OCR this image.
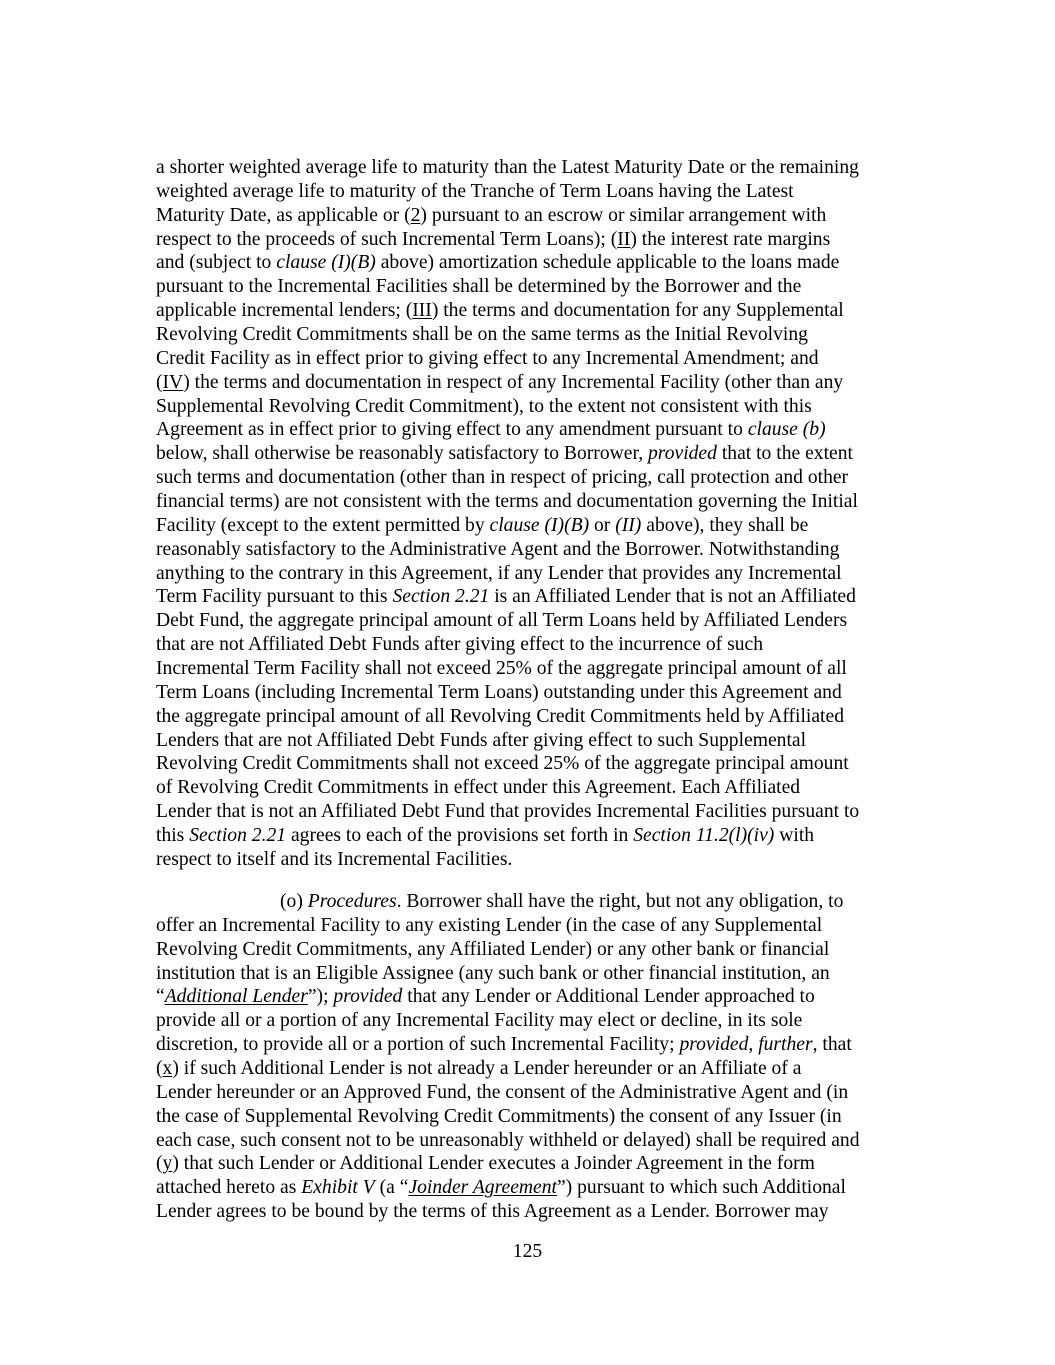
a shorter weighted average life to maturity than the Latest Maturity Date or the remaining
weighted average life to maturity of the Tranche of Term Loans having the Latest
Maturity Date, as applicable or (2) pursuant to an escrow or similar arrangement with
respect to the proceeds of such Incremental Term Loans); (II) the interest rate margins
and (subject to clause (I)(B) above) amortization schedule applicable to the loans made
pursuant to the Incremental Facilities shall be determined by the Borrower and the
applicable incremental lenders; (III) the terms and documentation for any Supplemental
Revolving Credit Commitments shall be on the same terms as the Initial Revolving
Credit Facility as in effect prior to giving effect to any Incremental Amendment; and
(IV) the terms and documentation in respect of any Incremental Facility (other than any
Supplemental Revolving Credit Commitment), to the extent not consistent with this
Agreement as in effect prior to giving effect to any amendment pursuant to clause (b)
below, shall otherwise be reasonably satisfactory to Borrower, provided that to the extent
such terms and documentation (other than in respect of pricing, call protection and other
financial terms) are not consistent with the terms and documentation governing the Initial
Facility (except to the extent permitted by clause (I)(B) or (II) above), they shall be
reasonably satisfactory to the Administrative Agent and the Borrower. Notwithstanding
anything to the contrary in this Agreement, if any Lender that provides any Incremental
Term Facility pursuant to this Section 2.21 is an Affiliated Lender that is not an Affiliated
Debt Fund, the aggregate principal amount of all Term Loans held by Affiliated Lenders
that are not Affiliated Debt Funds after giving effect to the incurrence of such
Incremental Term Facility shall not exceed 25% of the aggregate principal amount of all
Term Loans (including Incremental Term Loans) outstanding under this Agreement and
the aggregate principal amount of all Revolving Credit Commitments held by Affiliated
Lenders that are not Affiliated Debt Funds after giving effect to such Supplemental
Revolving Credit Commitments shall not exceed 25% of the aggregate principal amount
of Revolving Credit Commitments in effect under this Agreement. Each Affiliated
Lender that is not an Affiliated Debt Fund that provides Incremental Facilities pursuant to
this Section 2.21 agrees to each of the provisions set forth in Section 11.2(l)(iv) with
respect to itself and its Incremental Facilities.

(o) Procedures. Borrower shall have the right, but not any obligation, to
offer an Incremental Facility to any existing Lender (in the case of any Supplemental
Revolving Credit Commitments, any Affiliated Lender) or any other bank or financial
institution that is an Eligible Assignee (any such bank or other financial institution, an
“Additional Lender”); provided that any Lender or Additional Lender approached to
provide all or a portion of any Incremental Facility may elect or decline, in its sole
discretion, to provide all or a portion of such Incremental Facility; provided, further, that
(x) if such Additional Lender is not already a Lender hereunder or an Affiliate of a
Lender hereunder or an Approved Fund, the consent of the Administrative Agent and (in
the case of Supplemental Revolving Credit Commitments) the consent of any Issuer (in
each case, such consent not to be unreasonably withheld or delayed) shall be required and
(y) that such Lender or Additional Lender executes a Joinder Agreement in the form
attached hereto as Exhibit V (a “Joinder Agreement”) pursuant to which such Additional
Lender agrees to be bound by the terms of this Agreement as a Lender. Borrower may

125
